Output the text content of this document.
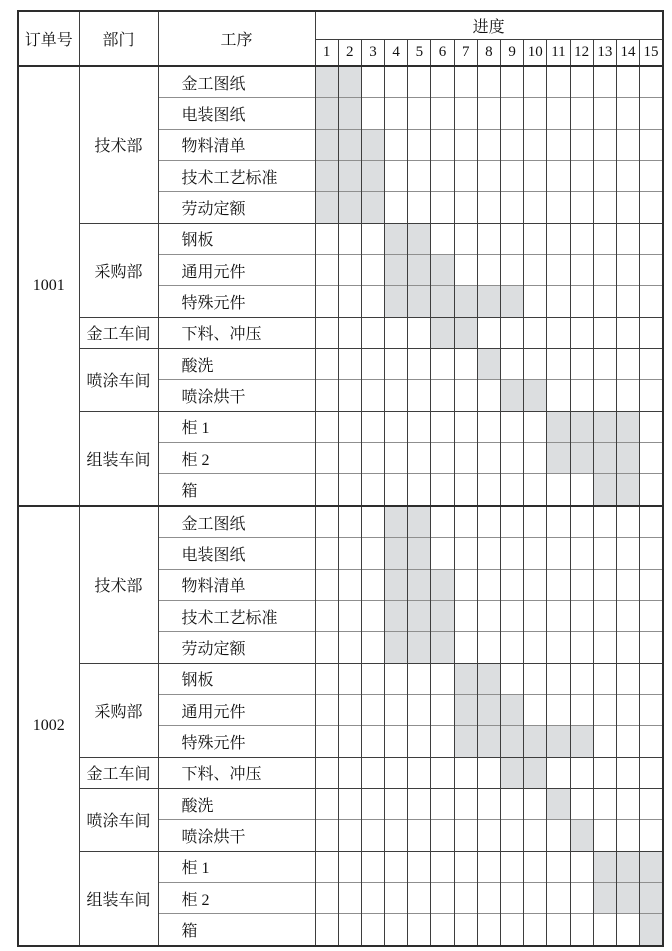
订单号	部门	工序	进度														
			1	2	3	4	5	6	7	8	9	10	11	12	13	14	15
1001	技术部	金工图纸															
		电装图纸															
		物料清单															
		技术工艺标准															
		劳动定额															
	采购部	钢板															
		通用元件															
		特殊元件															
	金工车间	下料、冲压															
	喷涂车间	酸洗															
		喷涂烘干															
	组装车间	柜 1															
		柜 2															
		箱															
1002	技术部	金工图纸															
		电装图纸															
		物料清单															
		技术工艺标准															
		劳动定额															
	采购部	钢板															
		通用元件															
		特殊元件															
	金工车间	下料、冲压															
	喷涂车间	酸洗															
		喷涂烘干															
	组装车间	柜 1															
		柜 2															
		箱															
